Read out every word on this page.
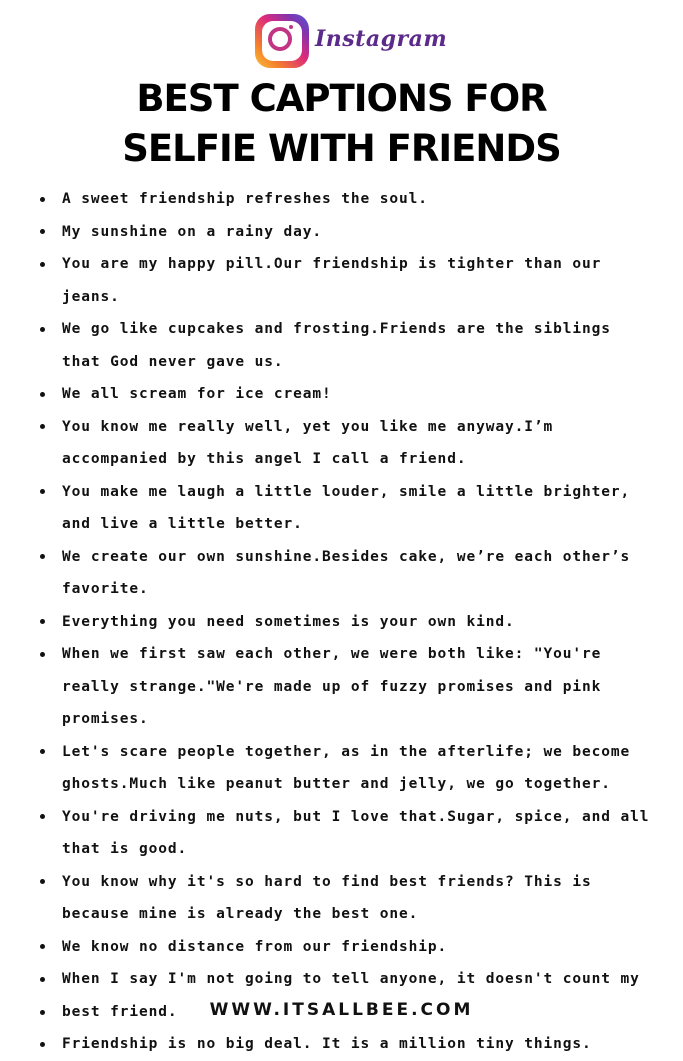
Instagram
BEST CAPTIONS FOR
SELFIE WITH FRIENDS
A sweet friendship refreshes the soul.
My sunshine on a rainy day.
You are my happy pill.Our friendship is tighter than our jeans.
We go like cupcakes and frosting.Friends are the siblings that God never gave us.
We all scream for ice cream!
You know me really well, yet you like me anyway.I’m accompanied by this angel I call a friend.
You make me laugh a little louder, smile a little brighter, and live a little better.
We create our own sunshine.Besides cake, we’re each other’s favorite.
Everything you need sometimes is your own kind.
When we first saw each other, we were both like: "You're really strange."We're made up of fuzzy promises and pink promises.
Let's scare people together, as in the afterlife; we become ghosts.Much like peanut butter and jelly, we go together.
You're driving me nuts, but I love that.Sugar, spice, and all that is good.
You know why it's so hard to find best friends? This is because mine is already the best one.
We know no distance from our friendship.
When I say I'm not going to tell anyone, it doesn't count my best friend.
Friendship is no big deal. It is a million tiny things.
WWW.ITSALLBEE.COM
